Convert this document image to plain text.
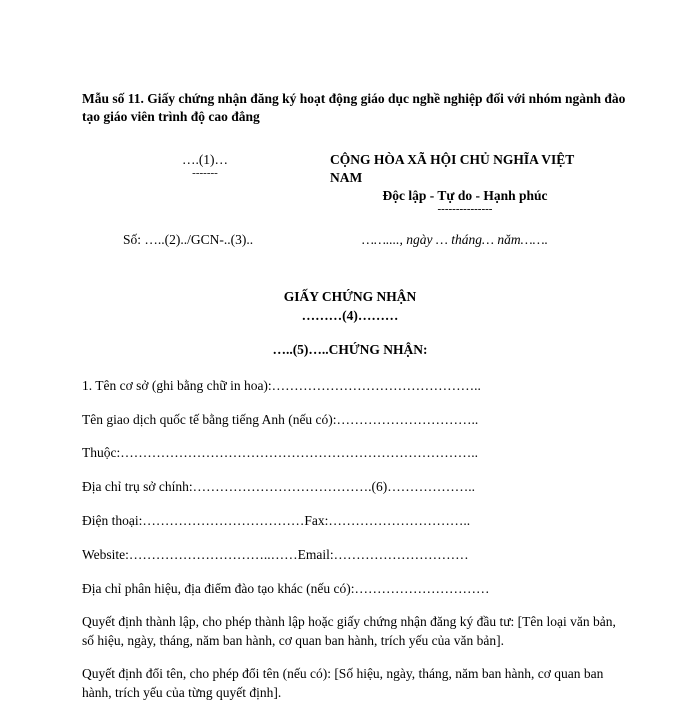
Mẫu số 11. Giấy chứng nhận đăng ký hoạt động giáo dục nghề nghiệp đối với nhóm ngành đào tạo giáo viên trình độ cao đẳng
….(1)…
-------
CỘNG HÒA XÃ HỘI CHỦ NGHĨA VIỆT
NAM
Độc lập - Tự do - Hạnh phúc
---------------
Số: …..(2)../GCN-..(3)..	……...., ngày … tháng… năm…….
GIẤY CHỨNG NHẬN
………(4)………
…..(5)…..CHỨNG NHẬN:
1. Tên cơ sở (ghi bằng chữ in hoa):………………………………………..
Tên giao dịch quốc tế bằng tiếng Anh (nếu có):…………………………..
Thuộc:……………………………………………………………………..
Địa chỉ trụ sở chính:………………………………….(6)………………..
Điện thoại:………………………………Fax:…………………………..
Website:…………………………..……Email:…………………………
Địa chỉ phân hiệu, địa điểm đào tạo khác (nếu có):…………………………
Quyết định thành lập, cho phép thành lập hoặc giấy chứng nhận đăng ký đầu tư: [Tên loại văn bản, số hiệu, ngày, tháng, năm ban hành, cơ quan ban hành, trích yếu của văn bản].
Quyết định đổi tên, cho phép đổi tên (nếu có): [Số hiệu, ngày, tháng, năm ban hành, cơ quan ban hành, trích yếu của từng quyết định].
